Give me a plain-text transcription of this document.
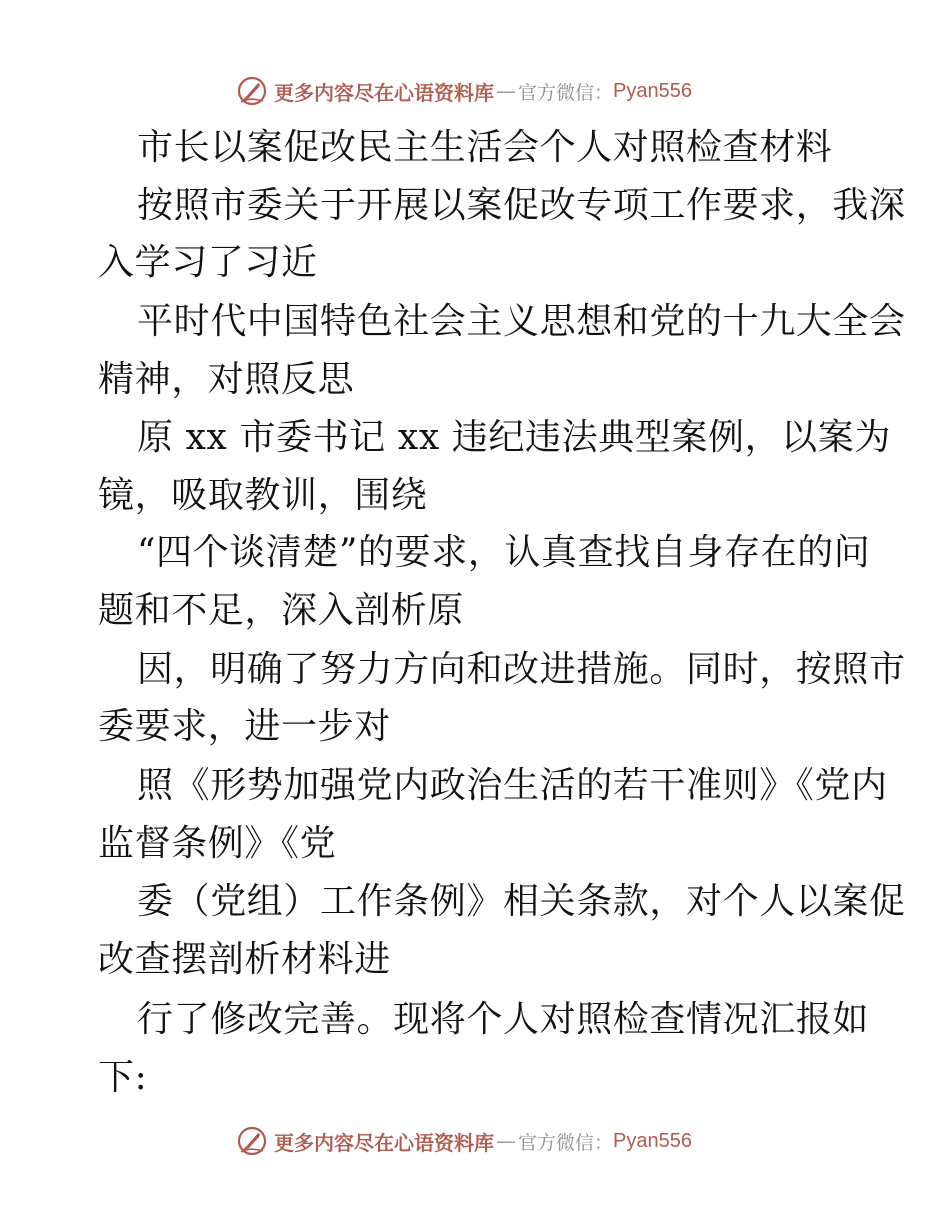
更多内容尽在心语资料库 — 官方微信： Pyan556
市长以案促改民主生活会个人对照检查材料
按照市委关于开展以案促改专项工作要求，我深
入学习了习近
平时代中国特色社会主义思想和党的十九大全会
精神，对照反思
原 xx 市委书记 xx 违纪违法典型案例，以案为
镜，吸取教训，围绕
“四个谈清楚”的要求，认真查找自身存在的问
题和不足，深入剖析原
因，明确了努力方向和改进措施。同时，按照市
委要求，进一步对
照《形势加强党内政治生活的若干准则》《党内
监督条例》《党
委（党组）工作条例》相关条款，对个人以案促
改查摆剖析材料进
行了修改完善。现将个人对照检查情况汇报如
下:
更多内容尽在心语资料库 — 官方微信： Pyan556
